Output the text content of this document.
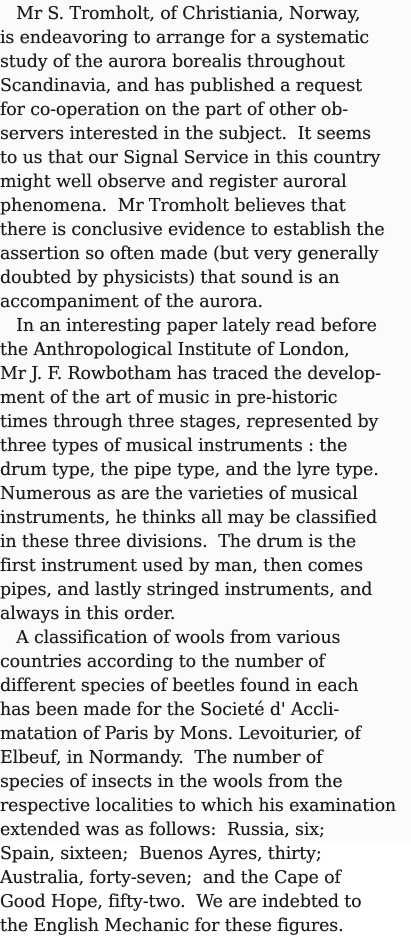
Mr S. Tromholt, of Christiania, Norway,
is endeavoring to arrange for a systematic
study of the aurora borealis throughout
Scandinavia, and has published a request
for co-operation on the part of other ob-
servers interested in the subject.  It seems
to us that our Signal Service in this country
might well observe and register auroral
phenomena.  Mr Tromholt believes that
there is conclusive evidence to establish the
assertion so often made (but very generally
doubted by physicists) that sound is an
accompaniment of the aurora.
In an interesting paper lately read before
the Anthropological Institute of London,
Mr J. F. Rowbotham has traced the develop-
ment of the art of music in pre-historic
times through three stages, represented by
three types of musical instruments : the
drum type, the pipe type, and the lyre type.
Numerous as are the varieties of musical
instruments, he thinks all may be classified
in these three divisions.  The drum is the
first instrument used by man, then comes
pipes, and lastly stringed instruments, and
always in this order.
A classification of wools from various
countries according to the number of
different species of beetles found in each
has been made for the Societé d' Accli-
matation of Paris by Mons. Levoiturier, of
Elbeuf, in Normandy.  The number of
species of insects in the wools from the
respective localities to which his examination
extended was as follows:  Russia, six;
Spain, sixteen;  Buenos Ayres, thirty;
Australia, forty-seven;  and the Cape of
Good Hope, fifty-two.  We are indebted to
the English Mechanic for these figures.
